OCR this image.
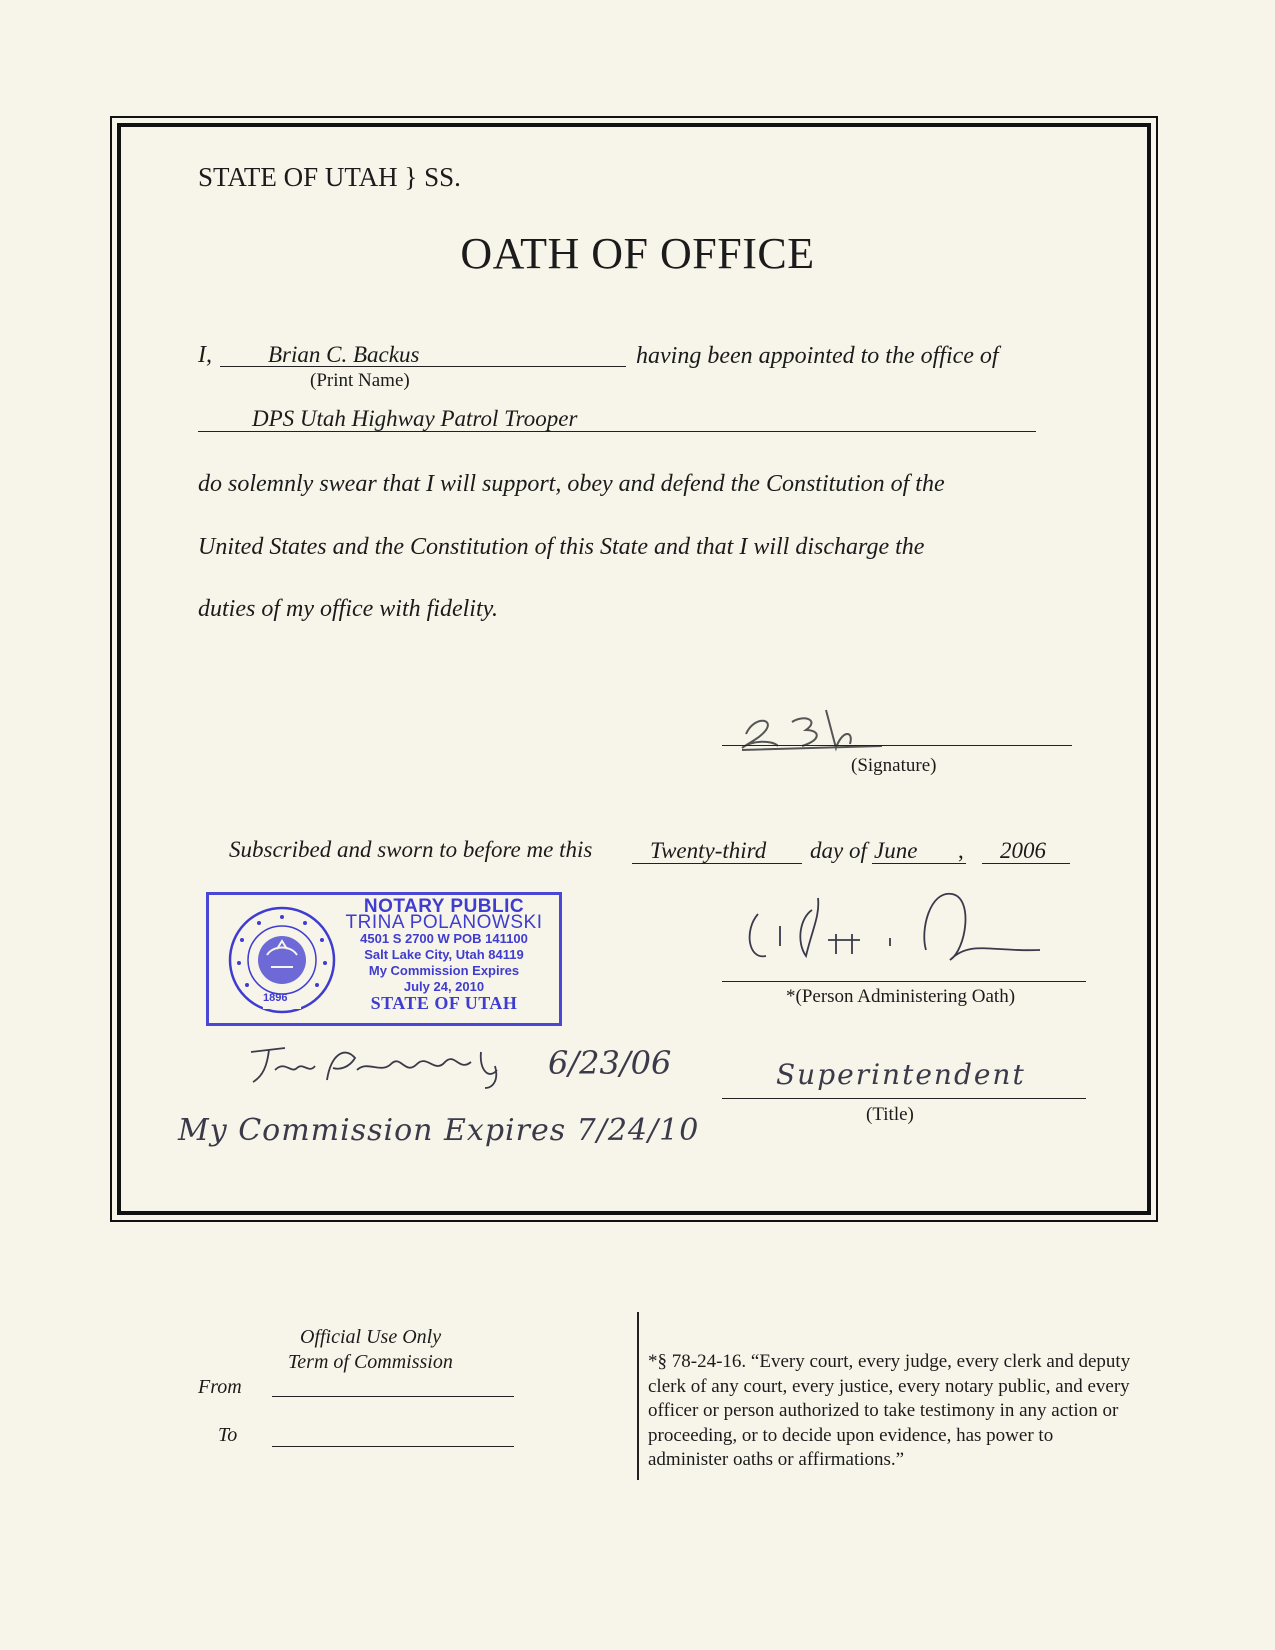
STATE OF UTAH } SS.
OATH OF OFFICE
I, Brian C. Backus
(Print Name)
having been appointed to the office of
DPS Utah Highway Patrol Trooper
do solemnly swear that I will support, obey and defend the Constitution of the
United States and the Constitution of this State and that I will discharge the
duties of my office with fidelity.
(Signature)
Subscribed and sworn to before me this	Twenty-third day of June , 2006
1896
NOTARY PUBLIC
TRINA POLANOWSKI
4501 S 2700 W POB 141100
Salt Lake City, Utah 84119
My Commission Expires
July 24, 2010
STATE OF UTAH
6/23/06
My Commission Expires 7/24/10
*(Person Administering Oath)
Superintendent
(Title)
Official Use Only
Term of Commission
From
To
*§ 78-24-16. “Every court, every judge, every clerk and deputy clerk of any court, every justice, every notary public, and every officer or person authorized to take testimony in any action or proceeding, or to decide upon evidence, has power to administer oaths or affirmations.”
